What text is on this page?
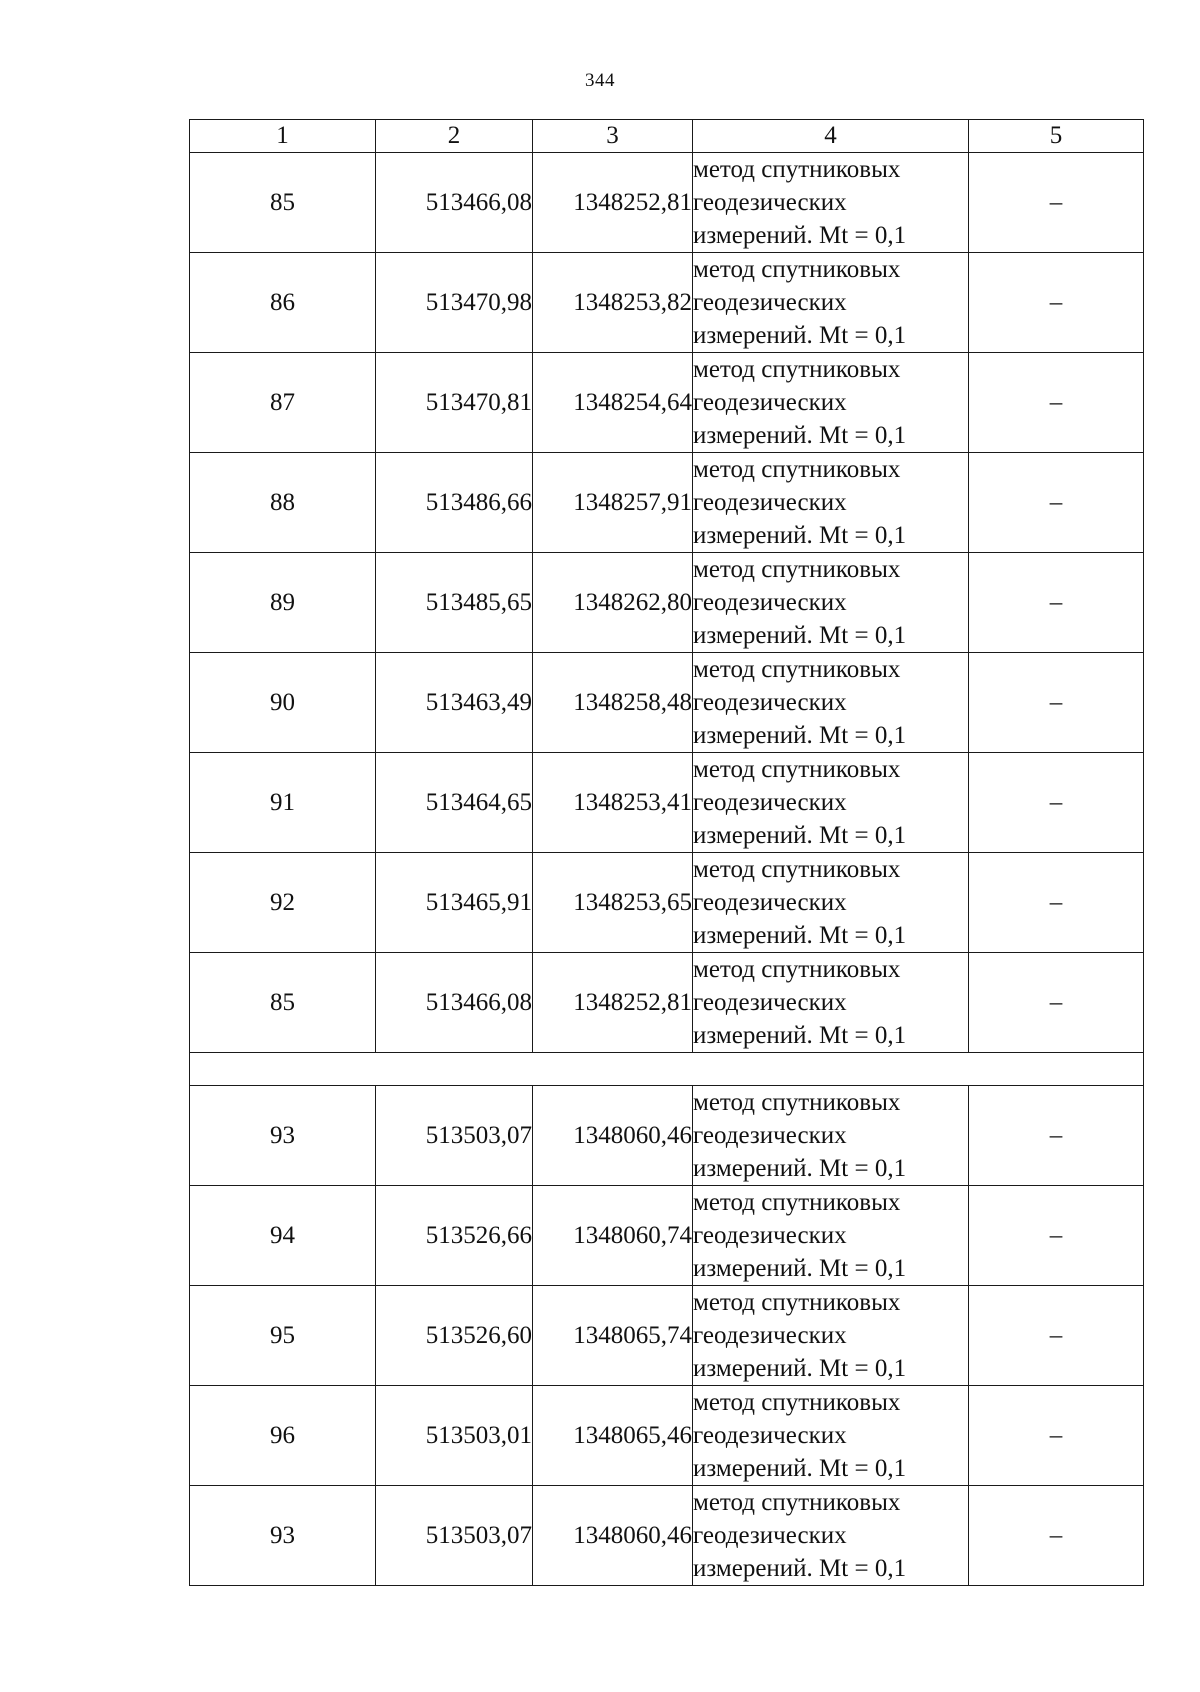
344
1	2	3	4	5
85	513466,08	1348252,81	метод спутниковых
геодезических
измерений. Mt = 0,1	–
86	513470,98	1348253,82	метод спутниковых
геодезических
измерений. Mt = 0,1	–
87	513470,81	1348254,64	метод спутниковых
геодезических
измерений. Mt = 0,1	–
88	513486,66	1348257,91	метод спутниковых
геодезических
измерений. Mt = 0,1	–
89	513485,65	1348262,80	метод спутниковых
геодезических
измерений. Mt = 0,1	–
90	513463,49	1348258,48	метод спутниковых
геодезических
измерений. Mt = 0,1	–
91	513464,65	1348253,41	метод спутниковых
геодезических
измерений. Mt = 0,1	–
92	513465,91	1348253,65	метод спутниковых
геодезических
измерений. Mt = 0,1	–
85	513466,08	1348252,81	метод спутниковых
геодезических
измерений. Mt = 0,1	–

93	513503,07	1348060,46	метод спутниковых
геодезических
измерений. Mt = 0,1	–
94	513526,66	1348060,74	метод спутниковых
геодезических
измерений. Mt = 0,1	–
95	513526,60	1348065,74	метод спутниковых
геодезических
измерений. Mt = 0,1	–
96	513503,01	1348065,46	метод спутниковых
геодезических
измерений. Mt = 0,1	–
93	513503,07	1348060,46	метод спутниковых
геодезических
измерений. Mt = 0,1	–
